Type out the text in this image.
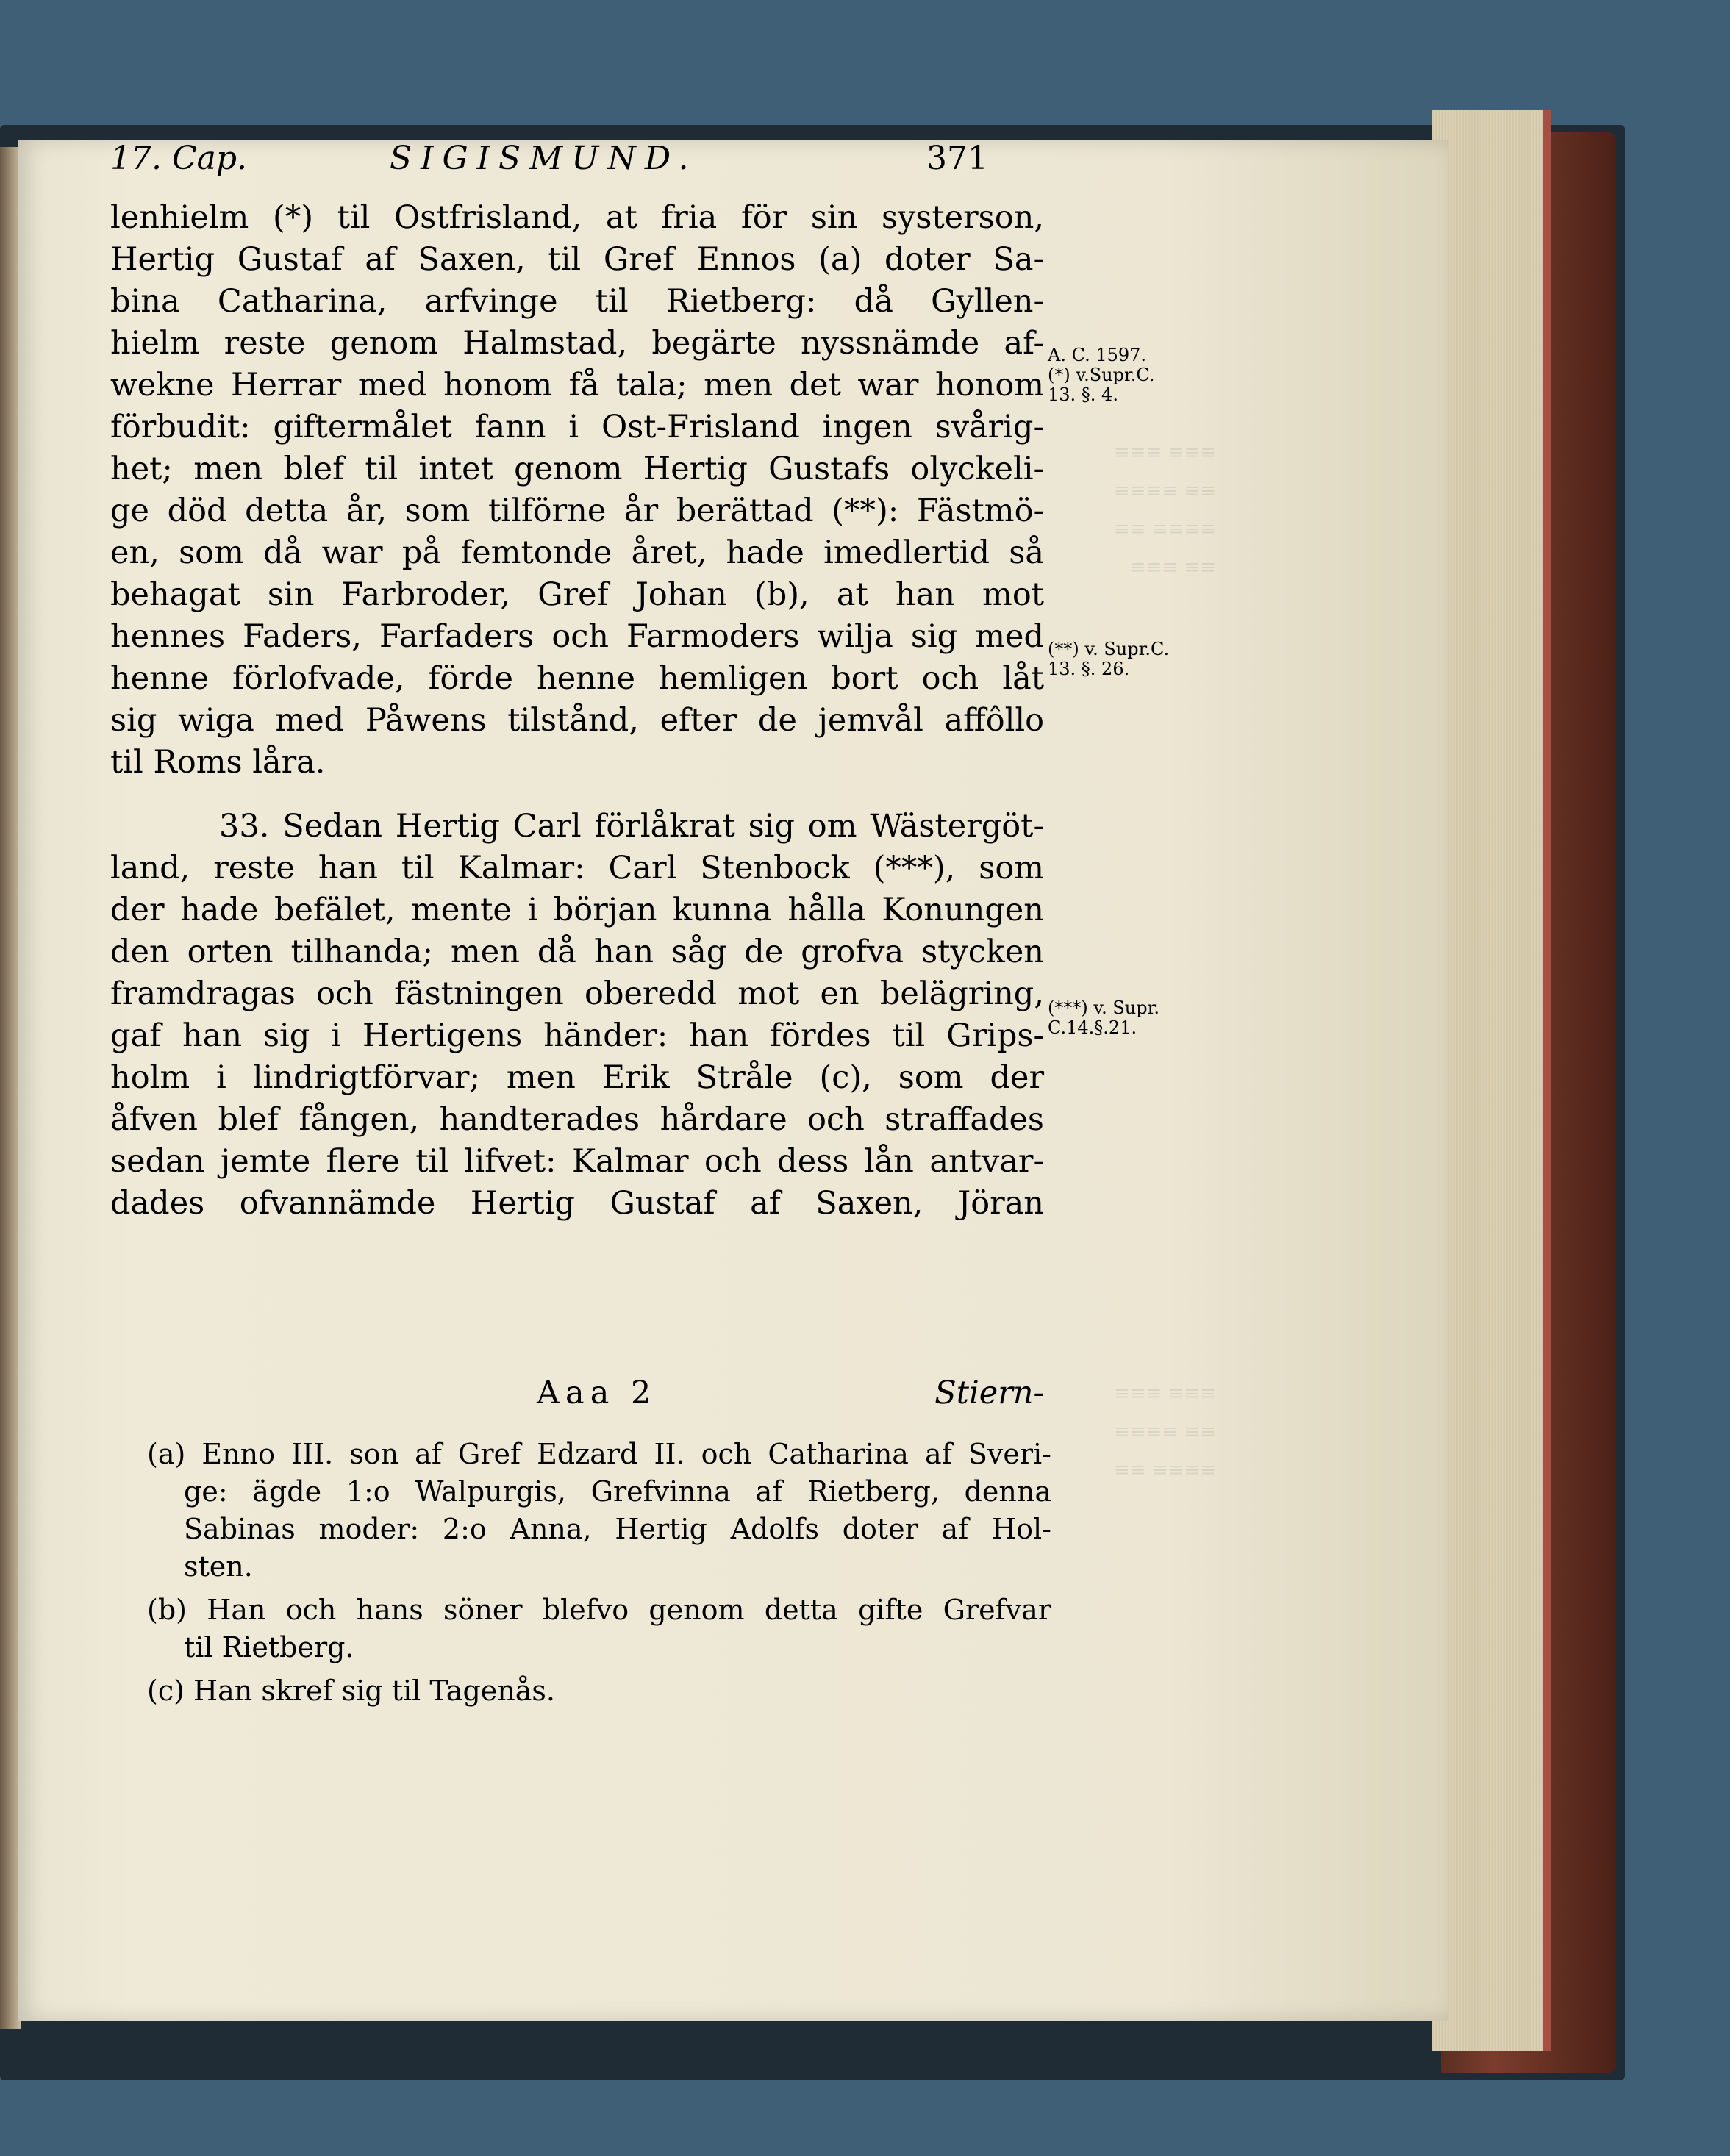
≡≡≡ ≡≡≡
≡≡≡≡ ≡≡
≡≡ ≡≡≡≡
≡≡≡ ≡≡
≡≡≡ ≡≡≡
≡≡≡≡ ≡≡
≡≡ ≡≡≡≡
17. Cap.	SIGISMUND.	371
lenhielm (*) til Ostfrisland, at fria för sin systerson,
Hertig Gustaf af Saxen, til Gref Ennos (a) doter Sa-
bina Catharina, arfvinge til Rietberg: då Gyllen-
hielm reste genom Halmstad, begärte nyssnämde af-
wekne Herrar med honom få tala; men det war honom
förbudit: giftermålet fann i Ost-Frisland ingen svårig-
het; men blef til intet genom Hertig Gustafs olyckeli-
ge död detta år, som tilförne år berättad (**): Fästmö-
en, som då war på femtonde året, hade imedlertid så
behagat sin Farbroder, Gref Johan (b), at han mot
hennes Faders, Farfaders och Farmoders wilja sig med
henne förlofvade, förde henne hemligen bort och låt
sig wiga med Påwens tilstånd, efter de jemvål affôllo
til Roms låra.
33. Sedan Hertig Carl förlåkrat sig om Wästergöt-
land, reste han til Kalmar: Carl Stenbock (***), som
der hade befälet, mente i början kunna hålla Konungen
den orten tilhanda; men då han såg de grofva stycken
framdragas och fästningen oberedd mot en belägring,
gaf han sig i Hertigens händer: han fördes til Grips-
holm i lindrigtförvar; men Erik Stråle (c), som der
åfven blef fången, handterades hårdare och straffades
sedan jemte flere til lifvet: Kalmar och dess lån antvar-
dades ofvannämde Hertig Gustaf af Saxen, Jöran
Aaa 2	Stiern-
(a) Enno III. son af Gref Edzard II. och Catharina af Sveri-
ge: ägde 1:o Walpurgis, Grefvinna af Rietberg, denna
Sabinas moder: 2:o Anna, Hertig Adolfs doter af Hol-
sten.
(b) Han och hans söner blefvo genom detta gifte Grefvar
til Rietberg.
(c) Han skref sig til Tagenås.
A. C. 1597.
(*) v.Supr.C.
13. §. 4.
(**) v. Supr.C.
13. §. 26.
(***) v. Supr.
C.14.§.21.
